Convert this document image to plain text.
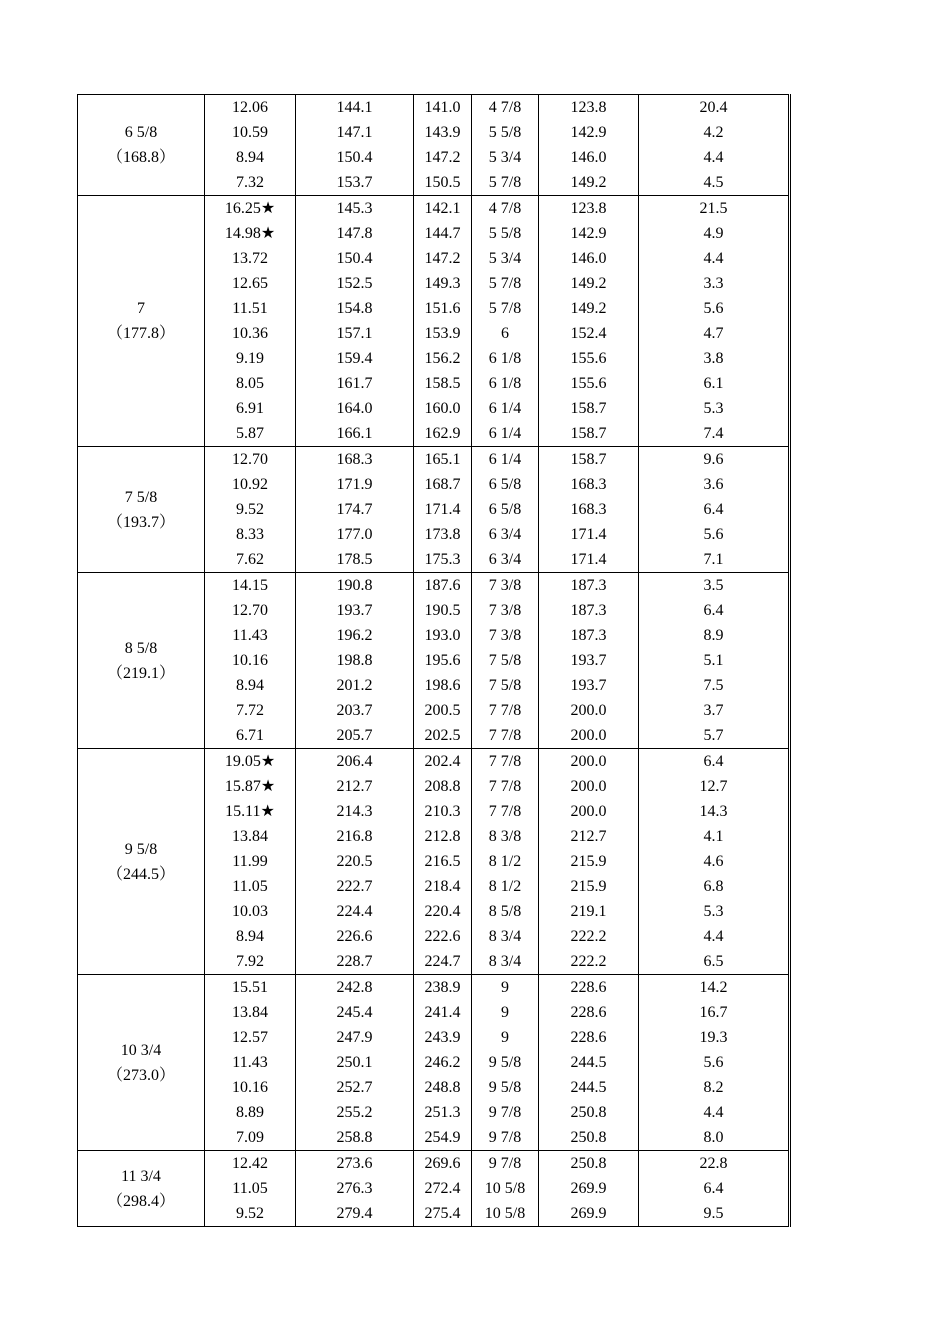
6 5/8
（168.8）	12.06	144.1	141.0	4 7/8	123.8	20.4
	10.59	147.1	143.9	5 5/8	142.9	4.2
	8.94	150.4	147.2	5 3/4	146.0	4.4
	7.32	153.7	150.5	5 7/8	149.2	4.5

7
（177.8）	16.25★	145.3	142.1	4 7/8	123.8	21.5
	14.98★	147.8	144.7	5 5/8	142.9	4.9
	13.72	150.4	147.2	5 3/4	146.0	4.4
	12.65	152.5	149.3	5 7/8	149.2	3.3
	11.51	154.8	151.6	5 7/8	149.2	5.6
	10.36	157.1	153.9	6	152.4	4.7
	9.19	159.4	156.2	6 1/8	155.6	3.8
	8.05	161.7	158.5	6 1/8	155.6	6.1
	6.91	164.0	160.0	6 1/4	158.7	5.3
	5.87	166.1	162.9	6 1/4	158.7	7.4

7 5/8
（193.7）	12.70	168.3	165.1	6 1/4	158.7	9.6
	10.92	171.9	168.7	6 5/8	168.3	3.6
	9.52	174.7	171.4	6 5/8	168.3	6.4
	8.33	177.0	173.8	6 3/4	171.4	5.6
	7.62	178.5	175.3	6 3/4	171.4	7.1

8 5/8
（219.1）	14.15	190.8	187.6	7 3/8	187.3	3.5
	12.70	193.7	190.5	7 3/8	187.3	6.4
	11.43	196.2	193.0	7 3/8	187.3	8.9
	10.16	198.8	195.6	7 5/8	193.7	5.1
	8.94	201.2	198.6	7 5/8	193.7	7.5
	7.72	203.7	200.5	7 7/8	200.0	3.7
	6.71	205.7	202.5	7 7/8	200.0	5.7

9 5/8
（244.5）	19.05★	206.4	202.4	7 7/8	200.0	6.4
	15.87★	212.7	208.8	7 7/8	200.0	12.7
	15.11★	214.3	210.3	7 7/8	200.0	14.3
	13.84	216.8	212.8	8 3/8	212.7	4.1
	11.99	220.5	216.5	8 1/2	215.9	4.6
	11.05	222.7	218.4	8 1/2	215.9	6.8
	10.03	224.4	220.4	8 5/8	219.1	5.3
	8.94	226.6	222.6	8 3/4	222.2	4.4
	7.92	228.7	224.7	8 3/4	222.2	6.5

10 3/4
（273.0）	15.51	242.8	238.9	9	228.6	14.2
	13.84	245.4	241.4	9	228.6	16.7
	12.57	247.9	243.9	9	228.6	19.3
	11.43	250.1	246.2	9 5/8	244.5	5.6
	10.16	252.7	248.8	9 5/8	244.5	8.2
	8.89	255.2	251.3	9 7/8	250.8	4.4
	7.09	258.8	254.9	9 7/8	250.8	8.0

11 3/4
（298.4）	12.42	273.6	269.6	9 7/8	250.8	22.8
	11.05	276.3	272.4	10 5/8	269.9	6.4
	9.52	279.4	275.4	10 5/8	269.9	9.5
